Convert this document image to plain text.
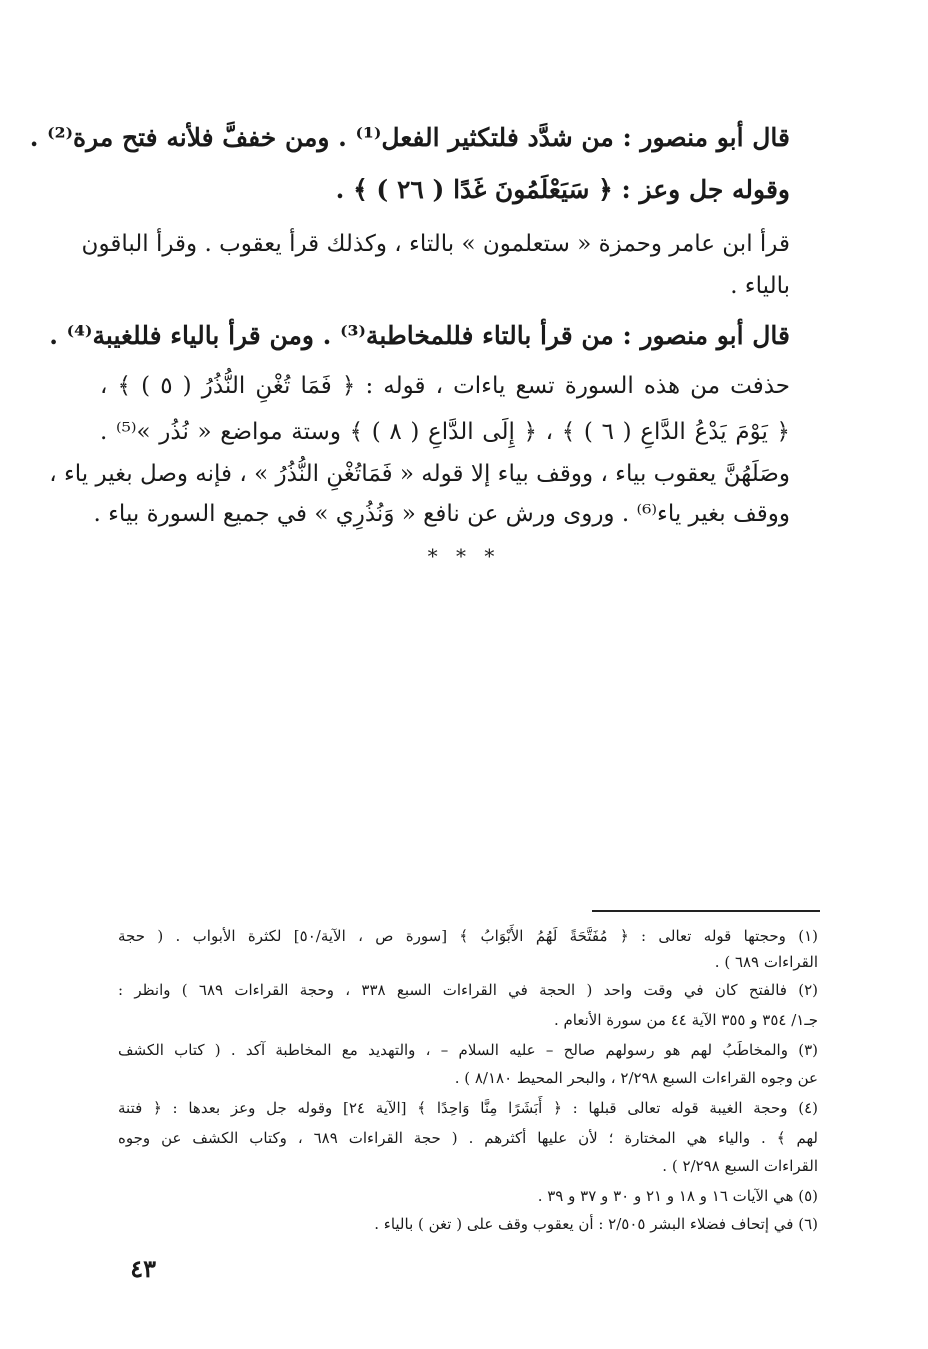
قال أبو منصور : من شدَّد فلتكثير الفعل⁽¹⁾ . ومن خففَّ فلأنه فتح مرة⁽²⁾ .
وقوله جل وعز : ﴿ سَيَعْلَمُونَ غَدًا ( ٢٦ ) ﴾ .
قرأ ابن عامر وحمزة « ستعلمون » بالتاء ، وكذلك قرأ يعقوب . وقرأ الباقون
بالياء .
قال أبو منصور : من قرأ بالتاء فللمخاطبة⁽³⁾ . ومن قرأ بالياء فللغيبة⁽⁴⁾ .
حذفت من هذه السورة تسع ياءات ، قوله : ﴿ فَمَا تُغْنِ النُّذُرُ ( ٥ ) ﴾ ،
﴿ يَوْمَ يَدْعُ الدَّاعِ ( ٦ ) ﴾ ، ﴿ إِلَى الدَّاعِ ( ٨ ) ﴾ وستة مواضع « نُذُر »⁽⁵⁾ .
وصَلَهُنَّ يعقوب بياء ، ووقف بياء إلا قوله « فَمَاتُغْنِ النُّذُرُ » ، فإنه وصل بغير ياء ،
ووقف بغير ياء⁽⁶⁾ . وروى ورش عن نافع « وَنُذُرِي » في جميع السورة بياء .
* * *
(١) وحجتها قوله تعالى : ﴿ مُفَتَّحَةً لَهُمُ الأَبْوَابُ ﴾ [سورة ص ، الآية/٥٠] لكثرة الأبواب . ( حجة
القراءات ٦٨٩ ) .
(٢) فالفتح كان في وقت واحد ( الحجة في القراءات السبع ٣٣٨ ، وحجة القراءات ٦٨٩ ) وانظر :
جـ١/ ٣٥٤ و ٣٥٥ الآية ٤٤ من سورة الأنعام .
(٣) والمخاطَبُ لهم هو رسولهم صالح – عليه السلام – ، والتهديد مع المخاطبة آكد . ( كتاب الكشف
عن وجوه القراءات السبع ٢/٢٩٨ ، والبحر المحيط ٨/١٨٠ ) .
(٤) وحجة الغيبة قوله تعالى قبلها : ﴿ أَبَشَرًا مِنَّا وَاحِدًا ﴾ [الآية ٢٤] وقوله جل وعز بعدها : ﴿ فتنة
لهم ﴾ . والياء هي المختارة ؛ لأن عليها أكثرهم . ( حجة القراءات ٦٨٩ ، وكتاب الكشف عن وجوه
القراءات السبع ٢/٢٩٨ ) .
(٥) هي الآيات ١٦ و ١٨ و ٢١ و ٣٠ و ٣٧ و ٣٩ .
(٦) في إتحاف فضلاء البشر ٢/٥٠٥ : أن يعقوب وقف على ( تغن ) بالياء .
٤٣
